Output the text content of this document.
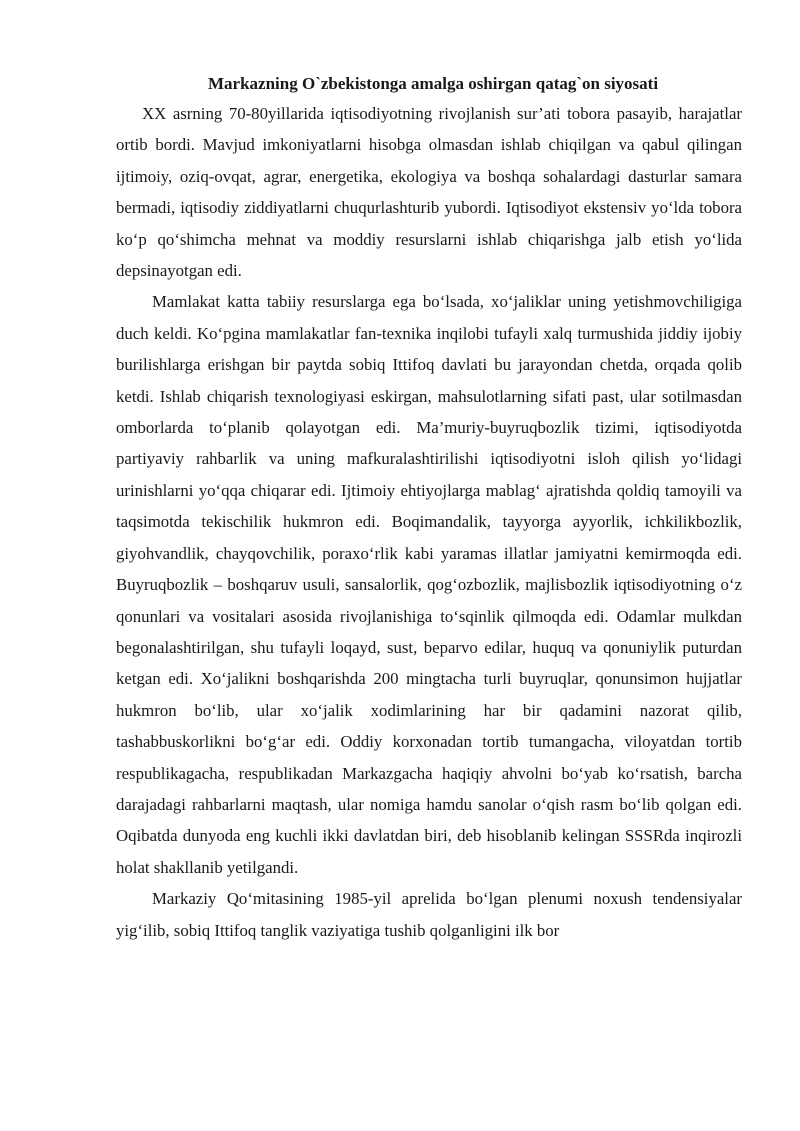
Markazning O`zbekistonga amalga oshirgan qatag`on siyosati

XX asrning 70-80yillarida iqtisodiyotning rivojlanish sur’ati tobora pasayib, harajatlar ortib bordi. Mavjud imkoniyatlarni hisobga olmasdan ishlab chiqilgan va qabul qilingan ijtimoiy, oziq-ovqat, agrar, energetika, ekologiya va boshqa sohalardagi dasturlar samara bermadi, iqtisodiy ziddiyatlarni chuqurlashturib yubordi. Iqtisodiyot ekstensiv yo‘lda tobora ko‘p qo‘shimcha mehnat va moddiy resurslarni ishlab chiqarishga jalb etish yo‘lida depsinayotgan edi.

Mamlakat katta tabiiy resurslarga ega bo‘lsada, xo‘jaliklar uning yetishmovchiligiga duch keldi. Ko‘pgina mamlakatlar fan-texnika inqilobi tufayli xalq turmushida jiddiy ijobiy burilishlarga erishgan bir paytda sobiq Ittifoq davlati bu jarayondan chetda, orqada qolib ketdi. Ishlab chiqarish texnologiyasi eskirgan, mahsulotlarning sifati past, ular sotilmasdan omborlarda to‘planib qolayotgan edi. Ma’muriy-buyruqbozlik tizimi, iqtisodiyotda partiyaviy rahbarlik va uning mafkuralashtirilishi iqtisodiyotni isloh qilish yo‘lidagi urinishlarni yo‘qqa chiqarar edi. Ijtimoiy ehtiyojlarga mablag‘ ajratishda qoldiq tamoyili va taqsimotda tekischilik hukmron edi. Boqimandalik, tayyorga ayyorlik, ichkilikbozlik, giyohvandlik, chayqovchilik, poraxo‘rlik kabi yaramas illatlar jamiyatni kemirmoqda edi. Buyruqbozlik – boshqaruv usuli, sansalorlik, qog‘ozbozlik, majlisbozlik iqtisodiyotning o‘z qonunlari va vositalari asosida rivojlanishiga to‘sqinlik qilmoqda edi. Odamlar mulkdan begonalashtirilgan, shu tufayli loqayd, sust, beparvo edilar, huquq va qonuniylik puturdan ketgan edi. Xo‘jalikni boshqarishda 200 mingtacha turli buyruqlar, qonunsimon hujjatlar hukmron bo‘lib, ular xo‘jalik xodimlarining har bir qadamini nazorat qilib, tashabbuskorlikni bo‘g‘ar edi. Oddiy korxonadan tortib tumangacha, viloyatdan tortib respublikagacha, respublikadan Markazgacha haqiqiy ahvolni bo‘yab ko‘rsatish, barcha darajadagi rahbarlarni maqtash, ular nomiga hamdu sanolar o‘qish rasm bo‘lib qolgan edi. Oqibatda dunyoda eng kuchli ikki davlatdan biri, deb hisoblanib kelingan SSSRda inqirozli holat shakllanib yetilgandi.

Markaziy Qo‘mitasining 1985-yil aprelida bo‘lgan plenumi noxush tendensiyalar yig‘ilib, sobiq Ittifoq tanglik vaziyatiga tushib qolganligini ilk bor
